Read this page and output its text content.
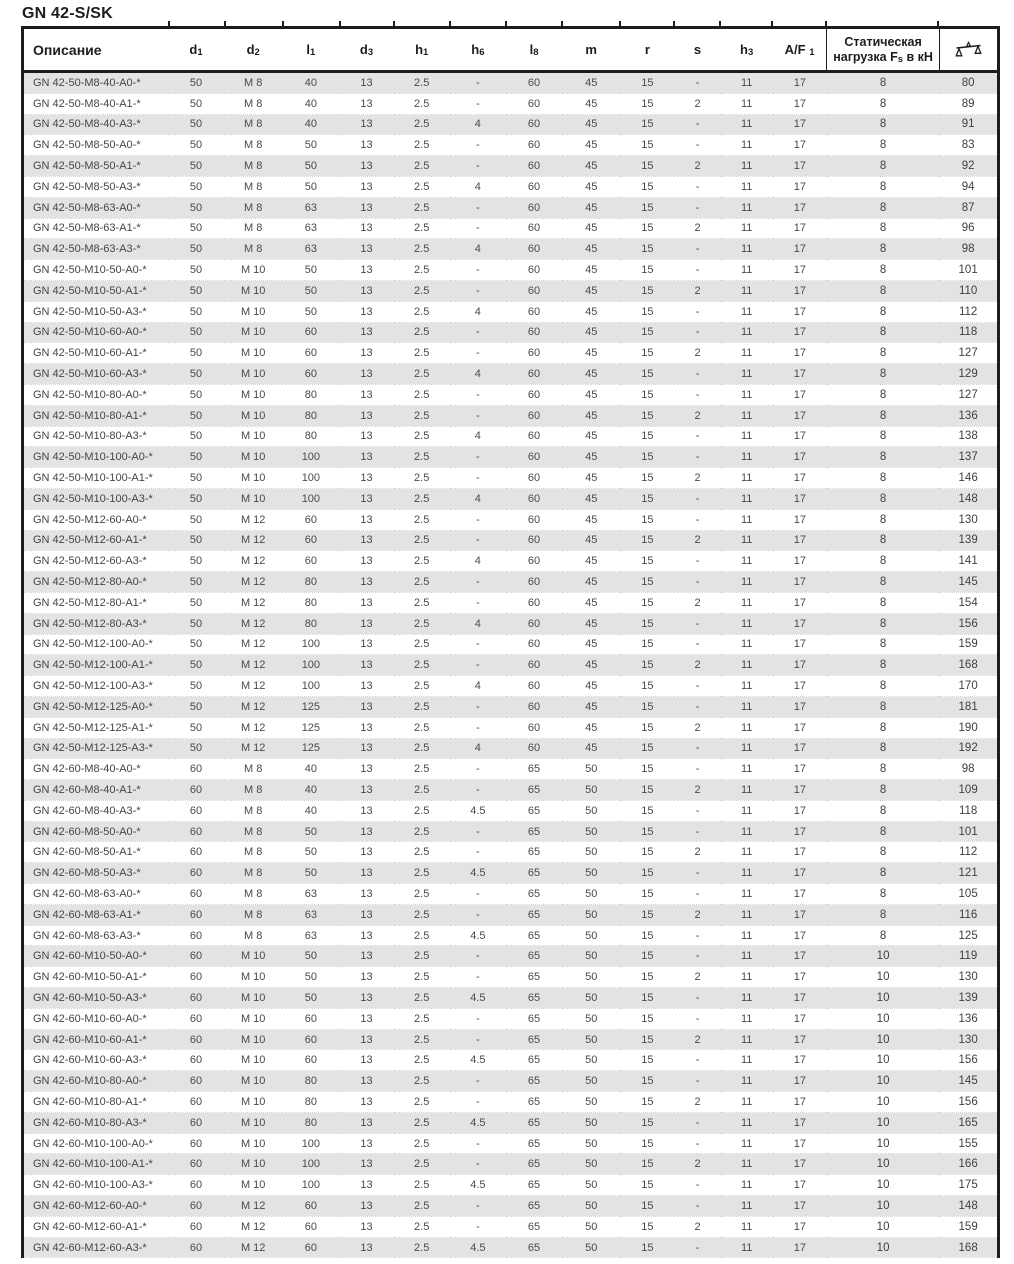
GN 42-S/SK
Описание	d1	d2	l1	d3	h1	h6	l8	m	r	s	h3	A/F 1	Статическая
нагрузка Fs в кН	

GN 42-50-M8-40-A0-*	50	M 8	40	13	2.5	-	60	45	15	-	11	17	8	80
GN 42-50-M8-40-A1-*	50	M 8	40	13	2.5	-	60	45	15	2	11	17	8	89
GN 42-50-M8-40-A3-*	50	M 8	40	13	2.5	4	60	45	15	-	11	17	8	91
GN 42-50-M8-50-A0-*	50	M 8	50	13	2.5	-	60	45	15	-	11	17	8	83
GN 42-50-M8-50-A1-*	50	M 8	50	13	2.5	-	60	45	15	2	11	17	8	92
GN 42-50-M8-50-A3-*	50	M 8	50	13	2.5	4	60	45	15	-	11	17	8	94
GN 42-50-M8-63-A0-*	50	M 8	63	13	2.5	-	60	45	15	-	11	17	8	87
GN 42-50-M8-63-A1-*	50	M 8	63	13	2.5	-	60	45	15	2	11	17	8	96
GN 42-50-M8-63-A3-*	50	M 8	63	13	2.5	4	60	45	15	-	11	17	8	98
GN 42-50-M10-50-A0-*	50	M 10	50	13	2.5	-	60	45	15	-	11	17	8	101
GN 42-50-M10-50-A1-*	50	M 10	50	13	2.5	-	60	45	15	2	11	17	8	110
GN 42-50-M10-50-A3-*	50	M 10	50	13	2.5	4	60	45	15	-	11	17	8	112
GN 42-50-M10-60-A0-*	50	M 10	60	13	2.5	-	60	45	15	-	11	17	8	118
GN 42-50-M10-60-A1-*	50	M 10	60	13	2.5	-	60	45	15	2	11	17	8	127
GN 42-50-M10-60-A3-*	50	M 10	60	13	2.5	4	60	45	15	-	11	17	8	129
GN 42-50-M10-80-A0-*	50	M 10	80	13	2.5	-	60	45	15	-	11	17	8	127
GN 42-50-M10-80-A1-*	50	M 10	80	13	2.5	-	60	45	15	2	11	17	8	136
GN 42-50-M10-80-A3-*	50	M 10	80	13	2.5	4	60	45	15	-	11	17	8	138
GN 42-50-M10-100-A0-*	50	M 10	100	13	2.5	-	60	45	15	-	11	17	8	137
GN 42-50-M10-100-A1-*	50	M 10	100	13	2.5	-	60	45	15	2	11	17	8	146
GN 42-50-M10-100-A3-*	50	M 10	100	13	2.5	4	60	45	15	-	11	17	8	148
GN 42-50-M12-60-A0-*	50	M 12	60	13	2.5	-	60	45	15	-	11	17	8	130
GN 42-50-M12-60-A1-*	50	M 12	60	13	2.5	-	60	45	15	2	11	17	8	139
GN 42-50-M12-60-A3-*	50	M 12	60	13	2.5	4	60	45	15	-	11	17	8	141
GN 42-50-M12-80-A0-*	50	M 12	80	13	2.5	-	60	45	15	-	11	17	8	145
GN 42-50-M12-80-A1-*	50	M 12	80	13	2.5	-	60	45	15	2	11	17	8	154
GN 42-50-M12-80-A3-*	50	M 12	80	13	2.5	4	60	45	15	-	11	17	8	156
GN 42-50-M12-100-A0-*	50	M 12	100	13	2.5	-	60	45	15	-	11	17	8	159
GN 42-50-M12-100-A1-*	50	M 12	100	13	2.5	-	60	45	15	2	11	17	8	168
GN 42-50-M12-100-A3-*	50	M 12	100	13	2.5	4	60	45	15	-	11	17	8	170
GN 42-50-M12-125-A0-*	50	M 12	125	13	2.5	-	60	45	15	-	11	17	8	181
GN 42-50-M12-125-A1-*	50	M 12	125	13	2.5	-	60	45	15	2	11	17	8	190
GN 42-50-M12-125-A3-*	50	M 12	125	13	2.5	4	60	45	15	-	11	17	8	192
GN 42-60-M8-40-A0-*	60	M 8	40	13	2.5	-	65	50	15	-	11	17	8	98
GN 42-60-M8-40-A1-*	60	M 8	40	13	2.5	-	65	50	15	2	11	17	8	109
GN 42-60-M8-40-A3-*	60	M 8	40	13	2.5	4.5	65	50	15	-	11	17	8	118
GN 42-60-M8-50-A0-*	60	M 8	50	13	2.5	-	65	50	15	-	11	17	8	101
GN 42-60-M8-50-A1-*	60	M 8	50	13	2.5	-	65	50	15	2	11	17	8	112
GN 42-60-M8-50-A3-*	60	M 8	50	13	2.5	4.5	65	50	15	-	11	17	8	121
GN 42-60-M8-63-A0-*	60	M 8	63	13	2.5	-	65	50	15	-	11	17	8	105
GN 42-60-M8-63-A1-*	60	M 8	63	13	2.5	-	65	50	15	2	11	17	8	116
GN 42-60-M8-63-A3-*	60	M 8	63	13	2.5	4.5	65	50	15	-	11	17	8	125
GN 42-60-M10-50-A0-*	60	M 10	50	13	2.5	-	65	50	15	-	11	17	10	119
GN 42-60-M10-50-A1-*	60	M 10	50	13	2.5	-	65	50	15	2	11	17	10	130
GN 42-60-M10-50-A3-*	60	M 10	50	13	2.5	4.5	65	50	15	-	11	17	10	139
GN 42-60-M10-60-A0-*	60	M 10	60	13	2.5	-	65	50	15	-	11	17	10	136
GN 42-60-M10-60-A1-*	60	M 10	60	13	2.5	-	65	50	15	2	11	17	10	130
GN 42-60-M10-60-A3-*	60	M 10	60	13	2.5	4.5	65	50	15	-	11	17	10	156
GN 42-60-M10-80-A0-*	60	M 10	80	13	2.5	-	65	50	15	-	11	17	10	145
GN 42-60-M10-80-A1-*	60	M 10	80	13	2.5	-	65	50	15	2	11	17	10	156
GN 42-60-M10-80-A3-*	60	M 10	80	13	2.5	4.5	65	50	15	-	11	17	10	165
GN 42-60-M10-100-A0-*	60	M 10	100	13	2.5	-	65	50	15	-	11	17	10	155
GN 42-60-M10-100-A1-*	60	M 10	100	13	2.5	-	65	50	15	2	11	17	10	166
GN 42-60-M10-100-A3-*	60	M 10	100	13	2.5	4.5	65	50	15	-	11	17	10	175
GN 42-60-M12-60-A0-*	60	M 12	60	13	2.5	-	65	50	15	-	11	17	10	148
GN 42-60-M12-60-A1-*	60	M 12	60	13	2.5	-	65	50	15	2	11	17	10	159
GN 42-60-M12-60-A3-*	60	M 12	60	13	2.5	4.5	65	50	15	-	11	17	10	168
